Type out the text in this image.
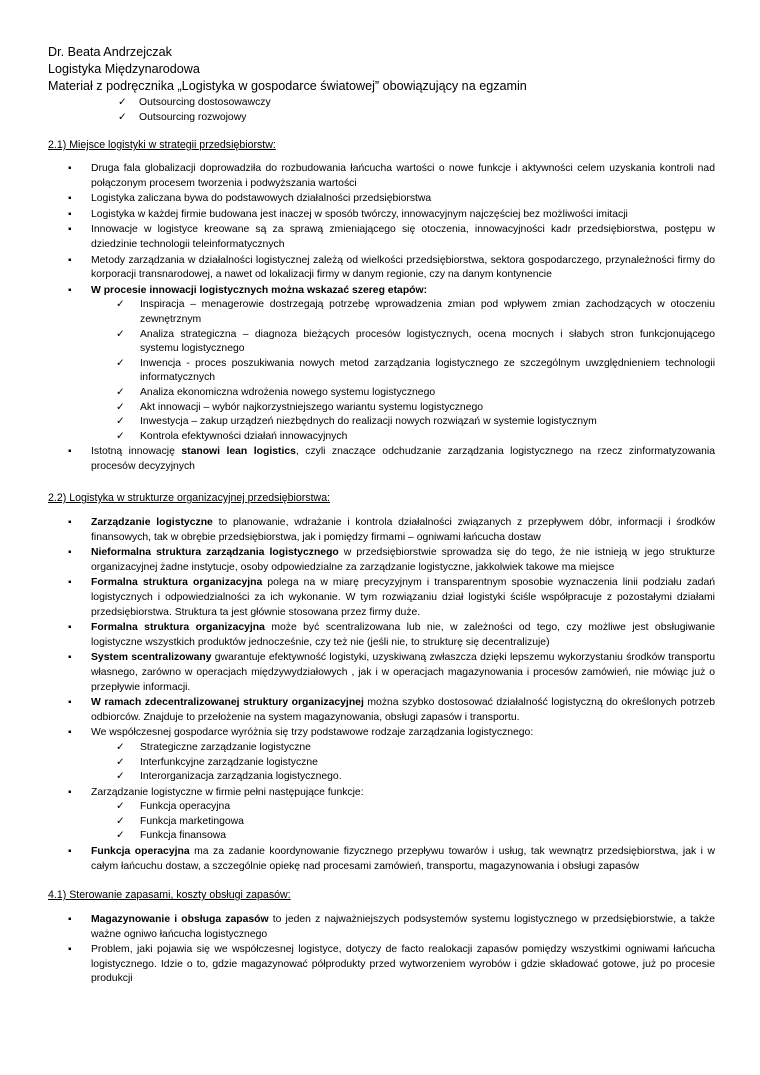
Dr. Beata Andrzejczak
Logistyka Międzynarodowa
Materiał z podręcznika „Logistyka w gospodarce światowej” obowiązujący na egzamin
✓ Outsourcing dostosowawczy
✓ Outsourcing rozwojowy
2.1) Miejsce logistyki w strategii przedsiębiorstw:
▪ Druga fala globalizacji doprowadziła do rozbudowania łańcucha wartości o nowe funkcje i aktywności celem uzyskania kontroli nad połączonym procesem tworzenia i podwyższania wartości
▪ Logistyka zaliczana bywa do podstawowych działalności przedsiębiorstwa
▪ Logistyka w każdej firmie budowana jest inaczej w sposób twórczy, innowacyjnym najczęściej bez możliwości imitacji
▪ Innowacje w logistyce kreowane są za sprawą zmieniającego się otoczenia, innowacyjności kadr przedsiębiorstwa, postępu w dziedzinie technologii teleinformatycznych
▪ Metody zarządzania w działalności logistycznej zależą od wielkości przedsiębiorstwa, sektora gospodarczego, przynależności firmy do korporacji transnarodowej, a nawet od lokalizacji firmy w danym regionie, czy na danym kontynencie
▪ W procesie innowacji logistycznych można wskazać szereg etapów:
✓ Inspiracja – menagerowie dostrzegają potrzebę wprowadzenia zmian pod wpływem zmian zachodzących w otoczeniu zewnętrznym
✓ Analiza strategiczna – diagnoza bieżących procesów logistycznych, ocena mocnych i słabych stron funkcjonującego systemu logistycznego
✓ Inwencja - proces poszukiwania nowych metod zarządzania logistycznego ze szczególnym uwzględnieniem technologii informatycznych
✓ Analiza ekonomiczna wdrożenia nowego systemu logistycznego
✓ Akt innowacji – wybór najkorzystniejszego wariantu systemu logistycznego
✓ Inwestycja – zakup urządzeń niezbędnych do realizacji nowych rozwiązań w systemie logistycznym
✓ Kontrola efektywności działań innowacyjnych
▪ Istotną innowację stanowi lean logistics, czyli znaczące odchudzanie zarządzania logistycznego na rzecz zinformatyzowania procesów decyzyjnych
2.2) Logistyka w strukturze organizacyjnej przedsiębiorstwa:
▪ Zarządzanie logistyczne to planowanie, wdrażanie i kontrola działalności związanych z przepływem dóbr, informacji i środków finansowych, tak w obrębie przedsiębiorstwa, jak i pomiędzy firmami – ogniwami łańcucha dostaw
▪ Nieformalna struktura zarządzania logistycznego w przedsiębiorstwie sprowadza się do tego, że nie istnieją w jego strukturze organizacyjnej żadne instytucje, osoby odpowiedzialne za zarządzanie logistyczne, jakkolwiek takowe ma miejsce
▪ Formalna struktura organizacyjna polega na w miarę precyzyjnym i transparentnym sposobie wyznaczenia linii podziału zadań logistycznych i odpowiedzialności za ich wykonanie. W tym rozwiązaniu dział logistyki ściśle współpracuje z pozostałymi działami przedsiębiorstwa. Struktura ta jest głównie stosowana przez firmy duże.
▪ Formalna struktura organizacyjna może być scentralizowana lub nie, w zależności od tego, czy możliwe jest obsługiwanie logistyczne wszystkich produktów jednocześnie, czy też nie (jeśli nie, to strukturę się decentralizuje)
▪ System scentralizowany gwarantuje efektywność logistyki, uzyskiwaną zwłaszcza dzięki lepszemu wykorzystaniu środków transportu własnego, zarówno w operacjach międzywydziałowych , jak i w operacjach magazynowania i procesów zamówień, nie mówiąc już o przepływie informacji.
▪ W ramach zdecentralizowanej struktury organizacyjnej można szybko dostosować działalność logistyczną do określonych potrzeb odbiorców. Znajduje to przełożenie na system magazynowania, obsługi zapasów i transportu.
▪ We współczesnej gospodarce wyróżnia się trzy podstawowe rodzaje zarządzania logistycznego:
✓ Strategiczne zarządzanie logistyczne
✓ Interfunkcyjne zarządzanie logistyczne
✓ Interorganizacja zarządzania logistycznego.
▪ Zarządzanie logistyczne w firmie pełni następujące funkcje:
✓ Funkcja operacyjna
✓ Funkcja marketingowa
✓ Funkcja finansowa
▪ Funkcja operacyjna ma za zadanie koordynowanie fizycznego przepływu towarów i usług, tak wewnątrz przedsiębiorstwa, jak i w całym łańcuchu dostaw, a szczególnie opiekę nad procesami zamówień, transportu, magazynowania i obsługi zapasów
4.1) Sterowanie zapasami, koszty obsługi zapasów:
▪ Magazynowanie i obsługa zapasów to jeden z najważniejszych podsystemów systemu logistycznego w przedsiębiorstwie, a także ważne ogniwo łańcucha logistycznego
▪ Problem, jaki pojawia się we współczesnej logistyce, dotyczy de facto realokacji zapasów pomiędzy wszystkimi ogniwami łańcucha logistycznego. Idzie o to, gdzie magazynować półprodukty przed wytworzeniem wyrobów i gdzie składować gotowe, już po procesie produkcji
